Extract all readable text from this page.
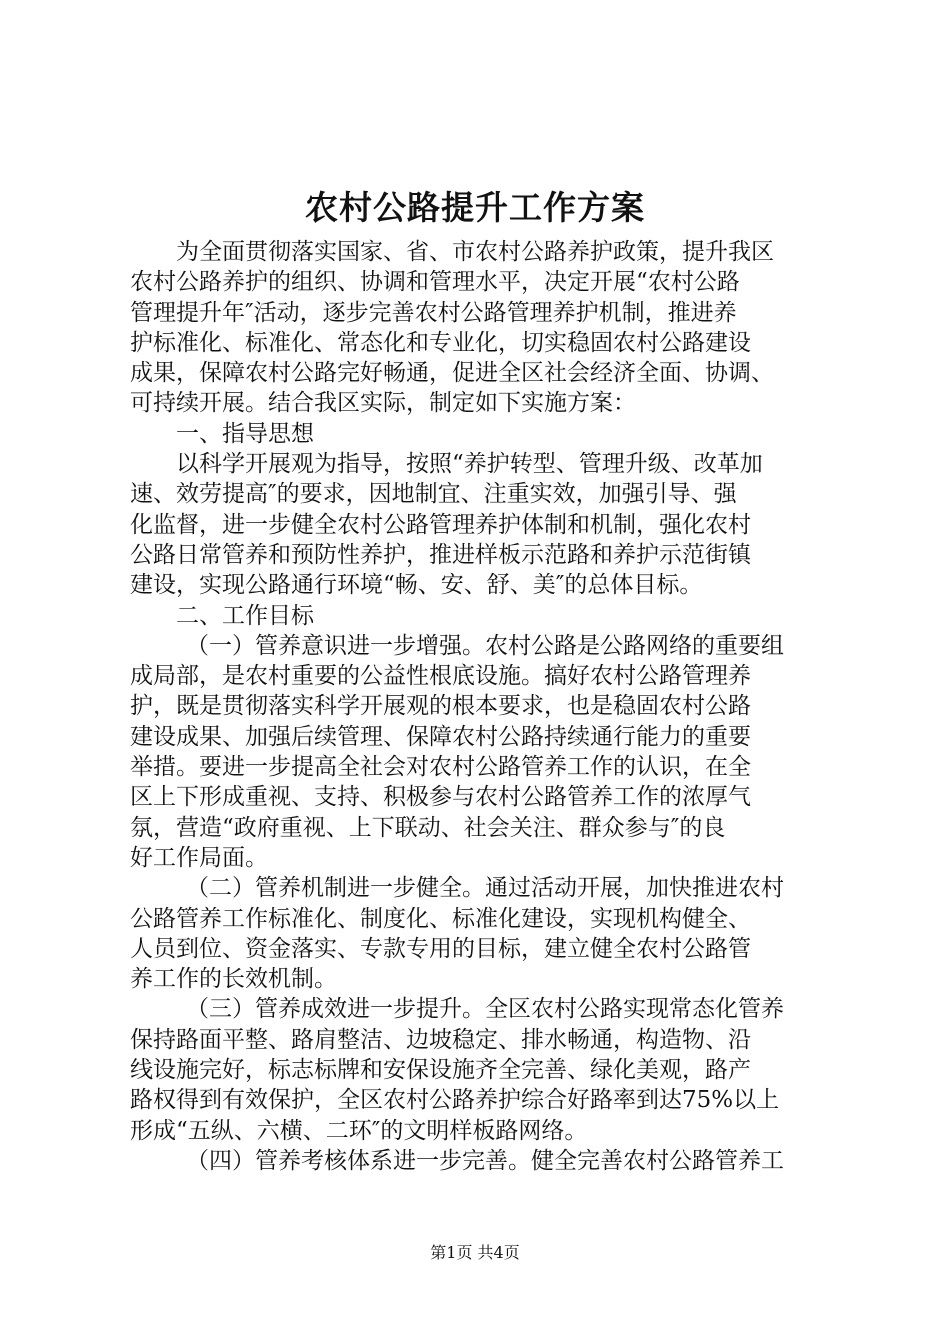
农村公路提升工作方案
为全面贯彻落实国家、省、市农村公路养护政策，提升我区
农村公路养护的组织、协调和管理水平，决定开展“农村公路
管理提升年″活动，逐步完善农村公路管理养护机制，推进养
护标准化、标准化、常态化和专业化，切实稳固农村公路建设
成果，保障农村公路完好畅通，促进全区社会经济全面、协调、
可持续开展。结合我区实际，制定如下实施方案：
一、指导思想
以科学开展观为指导，按照“养护转型、管理升级、改革加
速、效劳提高″的要求，因地制宜、注重实效，加强引导、强
化监督，进一步健全农村公路管理养护体制和机制，强化农村
公路日常管养和预防性养护，推进样板示范路和养护示范街镇
建设，实现公路通行环境“畅、安、舒、美″的总体目标。
二、工作目标
（一）管养意识进一步增强。农村公路是公路网络的重要组
成局部，是农村重要的公益性根底设施。搞好农村公路管理养
护，既是贯彻落实科学开展观的根本要求，也是稳固农村公路
建设成果、加强后续管理、保障农村公路持续通行能力的重要
举措。要进一步提高全社会对农村公路管养工作的认识，在全
区上下形成重视、支持、积极参与农村公路管养工作的浓厚气
氛，营造“政府重视、上下联动、社会关注、群众参与″的良
好工作局面。
（二）管养机制进一步健全。通过活动开展，加快推进农村
公路管养工作标准化、制度化、标准化建设，实现机构健全、
人员到位、资金落实、专款专用的目标，建立健全农村公路管
养工作的长效机制。
（三）管养成效进一步提升。全区农村公路实现常态化管养
保持路面平整、路肩整洁、边坡稳定、排水畅通，构造物、沿
线设施完好，标志标牌和安保设施齐全完善、绿化美观，路产
路权得到有效保护，全区农村公路养护综合好路率到达75%以上
形成“五纵、六横、二环″的文明样板路网络。
（四）管养考核体系进一步完善。健全完善农村公路管养工
第1页 共4页
